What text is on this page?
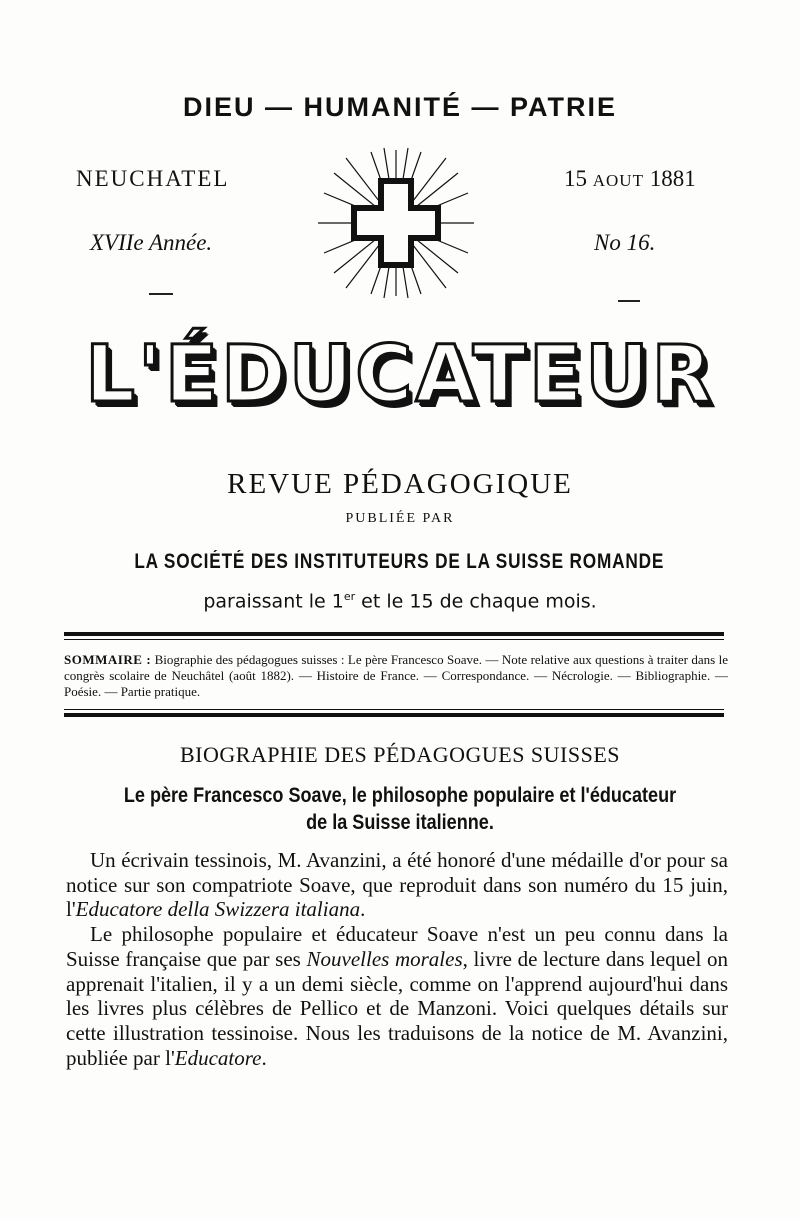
DIEU — HUMANITÉ — PATRIE
NEUCHATEL	15 AOUT 1881
XVIIe Année.	No 16.
L'ÉDUCATEUR
REVUE PÉDAGOGIQUE
PUBLIÉE PAR
LA SOCIÉTÉ DES INSTITUTEURS DE LA SUISSE ROMANDE
paraissant le 1er et le 15 de chaque mois.
SOMMAIRE : Biographie des pédagogues suisses : Le père Francesco Soave. — Note relative aux questions à traiter dans le congrès scolaire de Neuchâtel (août 1882). — Histoire de France. — Correspondance. — Nécrologie. — Bibliographie. — Poésie. — Partie pratique.
BIOGRAPHIE DES PÉDAGOGUES SUISSES
Le père Francesco Soave, le philosophe populaire et l'éducateur
de la Suisse italienne.

Un écrivain tessinois, M. Avanzini, a été honoré d'une médaille d'or pour sa notice sur son compatriote Soave, que reproduit dans son numéro du 15 juin, l'Educatore della Swizzera italiana.

Le philosophe populaire et éducateur Soave n'est un peu connu dans la Suisse française que par ses Nouvelles morales, livre de lecture dans lequel on apprenait l'italien, il y a un demi siècle, comme on l'apprend aujourd'hui dans les livres plus célèbres de Pellico et de Manzoni. Voici quelques détails sur cette illustration tessinoise. Nous les traduisons de la notice de M. Avanzini, publiée par l'Educatore.
